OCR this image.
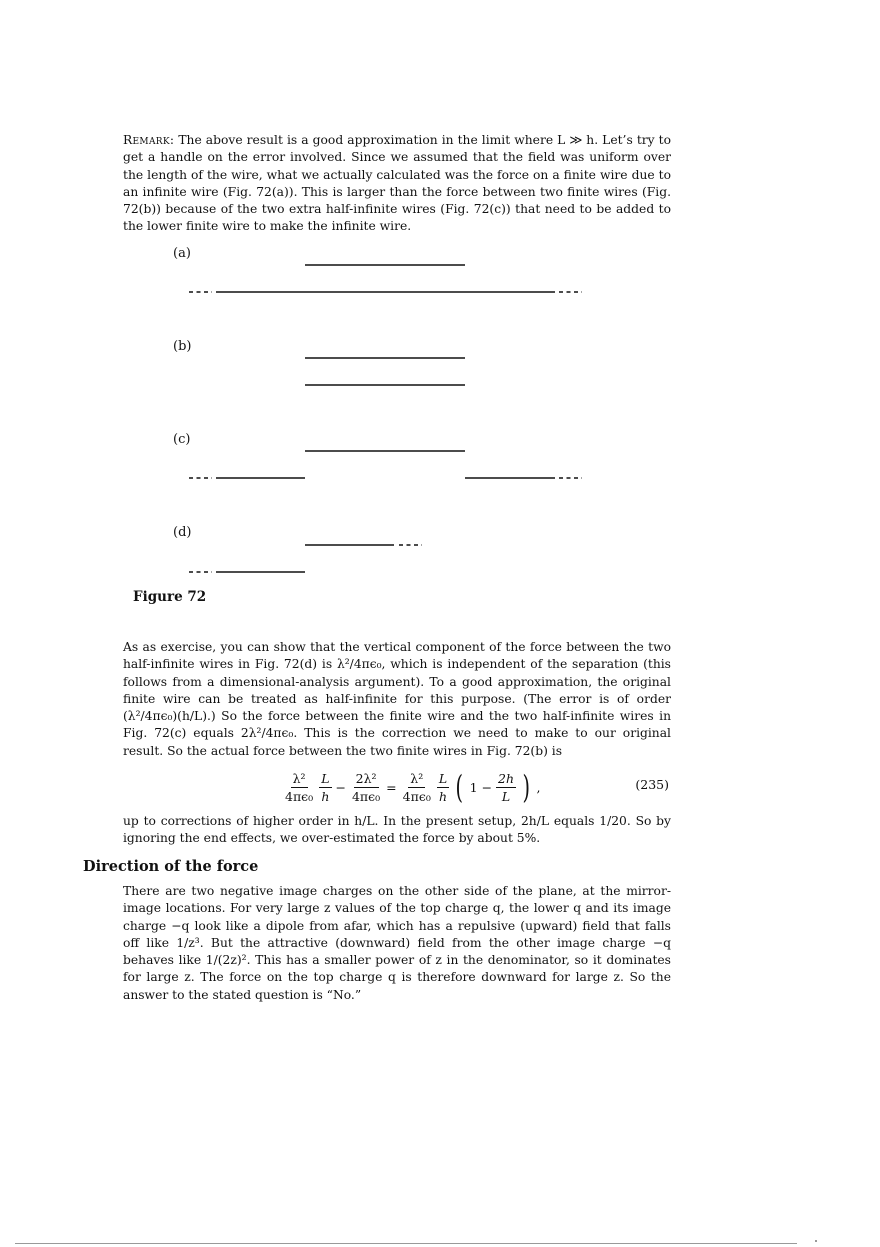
Remark: The above result is a good approximation in the limit where L ≫ h. Let’s try to get a handle on the error involved. Since we assumed that the field was uniform over the length of the wire, what we actually calculated was the force on a finite wire due to an infinite wire (Fig. 72(a)). This is larger than the force between two finite wires (Fig. 72(b)) because of the two extra half-infinite wires (Fig. 72(c)) that need to be added to the lower finite wire to make the infinite wire.
(a)
(b)
(c)
(d)
Figure 72
As as exercise, you can show that the vertical component of the force between the two half-infinite wires in Fig. 72(d) is λ²/4πϵ₀, which is independent of the separation (this follows from a dimensional-analysis argument). To a good approximation, the original finite wire can be treated as half-infinite for this purpose. (The error is of order (λ²/4πϵ₀)(h/L).) So the force between the finite wire and the two half-infinite wires in Fig. 72(c) equals 2λ²/4πϵ₀. This is the correction we need to make to our original result. So the actual force between the two finite wires in Fig. 72(b) is
$\frac{\text{λ²}}{\text{4πϵ₀}} \frac{L}{h} - \frac{\text{2λ²}}{\text{4πϵ₀}} = \frac{\text{λ²}}{\text{4πϵ₀}} \frac{L}{h}$ ( $1 - \frac{2h}{L}$ ) ,	(235)
up to corrections of higher order in h/L. In the present setup, 2h/L equals 1/20. So by ignoring the end effects, we over-estimated the force by about 5%.
Direction of the force
There are two negative image charges on the other side of the plane, at the mirror-image locations. For very large z values of the top charge q, the lower q and its image charge −q look like a dipole from afar, which has a repulsive (upward) field that falls off like 1/z³. But the attractive (downward) field from the other image charge −q behaves like 1/(2z)². This has a smaller power of z in the denominator, so it dominates for large z. The force on the top charge q is therefore downward for large z. So the answer to the stated question is “No.”
